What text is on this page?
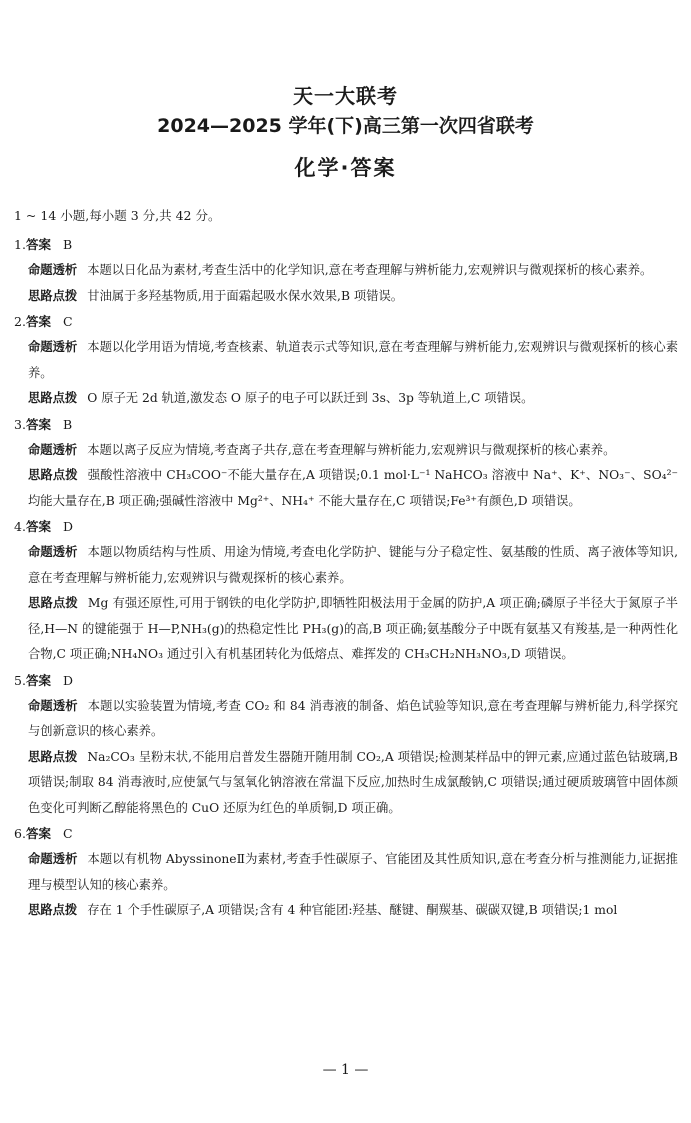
天一大联考
2024—2025 学年(下)高三第一次四省联考
化学·答案
1 ~ 14 小题,每小题 3 分,共 42 分。
1.答案 B
命题透析 本题以日化品为素材,考查生活中的化学知识,意在考查理解与辨析能力,宏观辨识与微观探析的核心素养。
思路点拨 甘油属于多羟基物质,用于面霜起吸水保水效果,B 项错误。
2.答案 C
命题透析 本题以化学用语为情境,考查核素、轨道表示式等知识,意在考查理解与辨析能力,宏观辨识与微观探析的核心素养。
思路点拨 O 原子无 2d 轨道,激发态 O 原子的电子可以跃迁到 3s、3p 等轨道上,C 项错误。
3.答案 B
命题透析 本题以离子反应为情境,考查离子共存,意在考查理解与辨析能力,宏观辨识与微观探析的核心素养。
思路点拨 强酸性溶液中 CH₃COO⁻不能大量存在,A 项错误;0.1 mol·L⁻¹ NaHCO₃ 溶液中 Na⁺、K⁺、NO₃⁻、SO₄²⁻ 均能大量存在,B 项正确;强碱性溶液中 Mg²⁺、NH₄⁺ 不能大量存在,C 项错误;Fe³⁺有颜色,D 项错误。
4.答案 D
命题透析 本题以物质结构与性质、用途为情境,考查电化学防护、键能与分子稳定性、氨基酸的性质、离子液体等知识,意在考查理解与辨析能力,宏观辨识与微观探析的核心素养。
思路点拨 Mg 有强还原性,可用于钢铁的电化学防护,即牺牲阳极法用于金属的防护,A 项正确;磷原子半径大于氮原子半径,H—N 的键能强于 H—P,NH₃(g)的热稳定性比 PH₃(g)的高,B 项正确;氨基酸分子中既有氨基又有羧基,是一种两性化合物,C 项正确;NH₄NO₃ 通过引入有机基团转化为低熔点、难挥发的 CH₃CH₂NH₃NO₃,D 项错误。
5.答案 D
命题透析 本题以实验装置为情境,考查 CO₂ 和 84 消毒液的制备、焰色试验等知识,意在考查理解与辨析能力,科学探究与创新意识的核心素养。
思路点拨 Na₂CO₃ 呈粉末状,不能用启普发生器随开随用制 CO₂,A 项错误;检测某样品中的钾元素,应通过蓝色钴玻璃,B 项错误;制取 84 消毒液时,应使氯气与氢氧化钠溶液在常温下反应,加热时生成氯酸钠,C 项错误;通过硬质玻璃管中固体颜色变化可判断乙醇能将黑色的 CuO 还原为红色的单质铜,D 项正确。
6.答案 C
命题透析 本题以有机物 AbyssinoneⅡ为素材,考查手性碳原子、官能团及其性质知识,意在考查分析与推测能力,证据推理与模型认知的核心素养。
思路点拨 存在 1 个手性碳原子,A 项错误;含有 4 种官能团:羟基、醚键、酮羰基、碳碳双键,B 项错误;1 mol
— 1 —
